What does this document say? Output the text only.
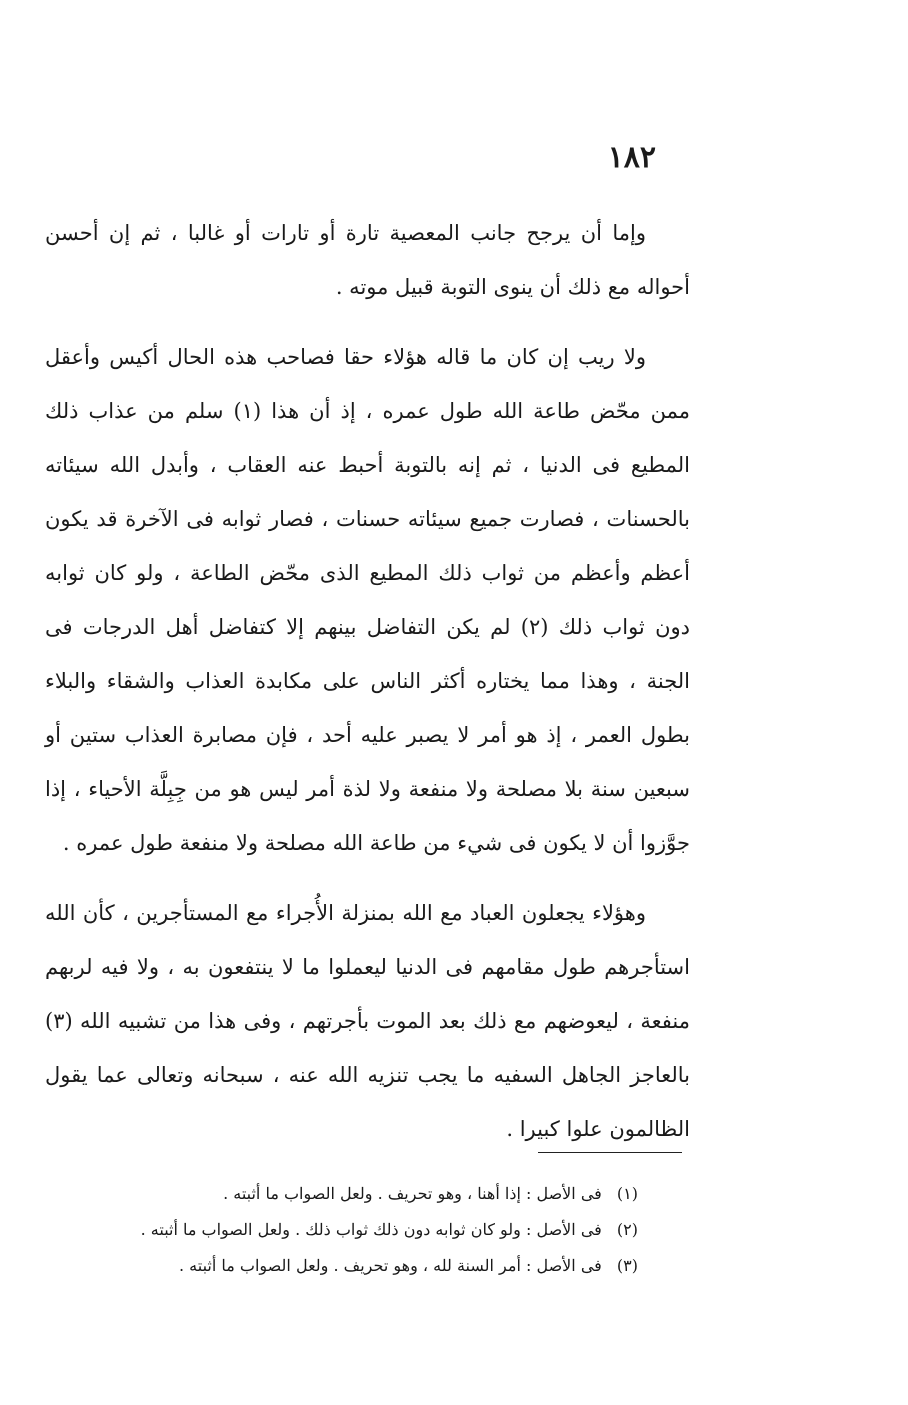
١٨٢

وإما أن يرجح جانب المعصية تارة أو تارات أو غالبا ، ثم إن أحسن أحواله مع ذلك أن ينوى التوبة قبيل موته .

ولا ريب إن كان ما قاله هؤلاء حقا فصاحب هذه الحال أكيس وأعقل ممن محّض طاعة الله طول عمره ، إذ أن هذا (١) سلم من عذاب ذلك المطيع فى الدنيا ، ثم إنه بالتوبة أحبط عنه العقاب ، وأبدل الله سيئاته بالحسنات ، فصارت جميع سيئاته حسنات ، فصار ثوابه فى الآخرة قد يكون أعظم وأعظم من ثواب ذلك المطيع الذى محّض الطاعة ، ولو كان ثوابه دون ثواب ذلك (٢) لم يكن التفاضل بينهم إلا كتفاضل أهل الدرجات فى الجنة ، وهذا مما يختاره أكثر الناس على مكابدة العذاب والشقاء والبلاء بطول العمر ، إذ هو أمر لا يصبر عليه أحد ، فإن مصابرة العذاب ستين أو سبعين سنة بلا مصلحة ولا منفعة ولا لذة أمر ليس هو من جِبِلَّة الأحياء ، إذا جوَّزوا أن لا يكون فى شيء من طاعة الله مصلحة ولا منفعة طول عمره .

وهؤلاء يجعلون العباد مع الله بمنزلة الأُجراء مع المستأجرين ، كأن الله استأجرهم طول مقامهم فى الدنيا ليعملوا ما لا ينتفعون به ، ولا فيه لربهم منفعة ، ليعوضهم مع ذلك بعد الموت بأجرتهم ، وفى هذا من تشبيه الله (٣) بالعاجز الجاهل السفيه ما يجب تنزيه الله عنه ، سبحانه وتعالى عما يقول الظالمون علوا كبيرا .

(١) فى الأصل : إذا أهنا ، وهو تحريف . ولعل الصواب ما أثبته .
(٢) فى الأصل : ولو كان ثوابه دون ذلك ثواب ذلك . ولعل الصواب ما أثبته .
(٣) فى الأصل : أمر السنة لله ، وهو تحريف . ولعل الصواب ما أثبته .
